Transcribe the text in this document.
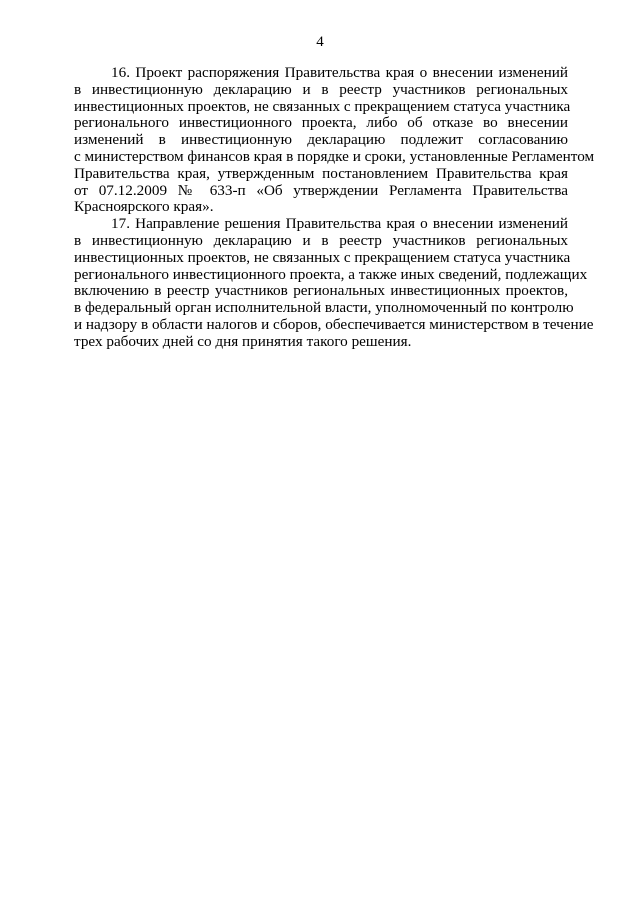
4
16. Проект распоряжения Правительства края о внесении изменений
в инвестиционную декларацию и в реестр участников региональных
инвестиционных проектов, не связанных с прекращением статуса участника
регионального инвестиционного проекта, либо об отказе во внесении
изменений в инвестиционную декларацию подлежит согласованию
с министерством финансов края в порядке и сроки, установленные Регламентом
Правительства края, утвержденным постановлением Правительства края
от 07.12.2009 № 633-п «Об утверждении Регламента Правительства
Красноярского края».
17. Направление решения Правительства края о внесении изменений
в инвестиционную декларацию и в реестр участников региональных
инвестиционных проектов, не связанных с прекращением статуса участника
регионального инвестиционного проекта, а также иных сведений, подлежащих
включению в реестр участников региональных инвестиционных проектов,
в федеральный орган исполнительной власти, уполномоченный по контролю
и надзору в области налогов и сборов, обеспечивается министерством в течение
трех рабочих дней со дня принятия такого решения.
